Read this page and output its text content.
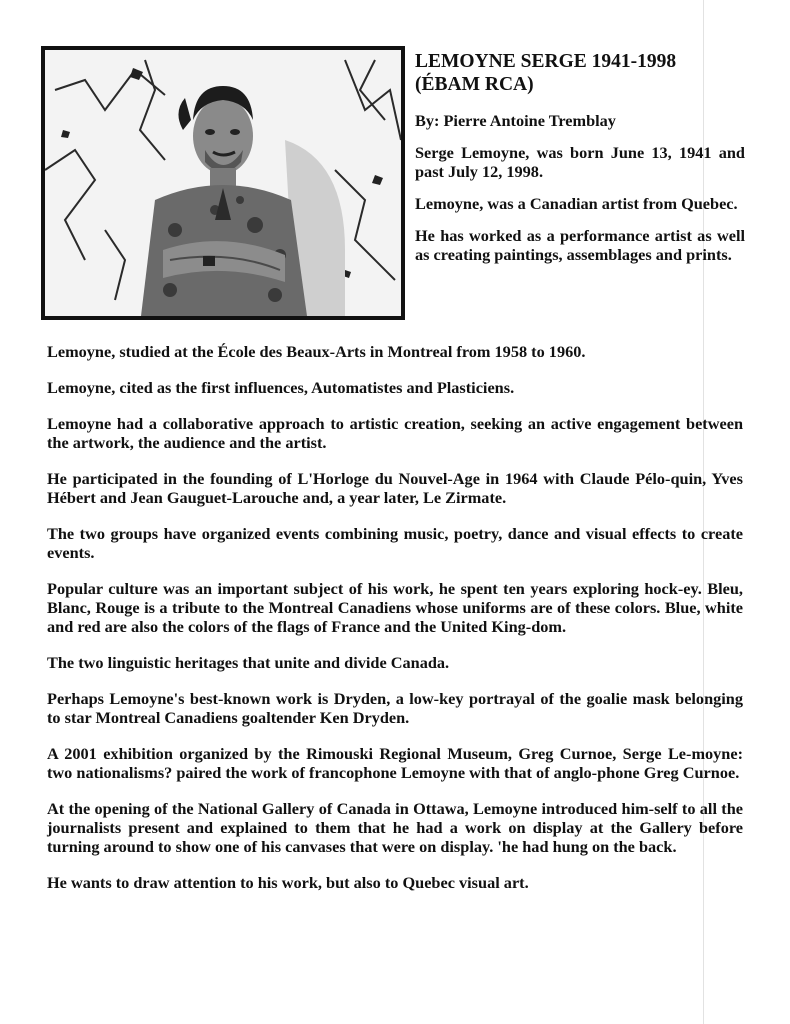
LEMOYNE SERGE 1941-1998 (ÉBAM RCA)

By: Pierre Antoine Tremblay

Serge Lemoyne, was born June 13, 1941 and past July 12, 1998.

Lemoyne, was a Canadian artist from Quebec.

He has worked as a performance artist as well as creating paintings, assemblages and prints.

Lemoyne, studied at the École des Beaux-Arts in Montreal from 1958 to 1960.

Lemoyne, cited as the first influences, Automatistes and Plasticiens.

Lemoyne had a collaborative approach to artistic creation, seeking an active engagement between the artwork, the audience and the artist.

He participated in the founding of L'Horloge du Nouvel-Age in 1964 with Claude Pélo-quin, Yves Hébert and Jean Gauguet-Larouche and, a year later, Le Zirmate.

The two groups have organized events combining music, poetry, dance and visual effects to create events.

Popular culture was an important subject of his work, he spent ten years exploring hock-ey. Bleu, Blanc, Rouge is a tribute to the Montreal Canadiens whose uniforms are of these colors. Blue, white and red are also the colors of the flags of France and the United King-dom.

The two linguistic heritages that unite and divide Canada.

Perhaps Lemoyne's best-known work is Dryden, a low-key portrayal of the goalie mask belonging to star Montreal Canadiens goaltender Ken Dryden.

A 2001 exhibition organized by the Rimouski Regional Museum, Greg Curnoe, Serge Le-moyne: two nationalisms? paired the work of francophone Lemoyne with that of anglo-phone Greg Curnoe.

At the opening of the National Gallery of Canada in Ottawa, Lemoyne introduced him-self to all the journalists present and explained to them that he had a work on display at the Gallery before turning around to show one of his canvases that were on display. 'he had hung on the back.

He wants to draw attention to his work, but also to Quebec visual art.
